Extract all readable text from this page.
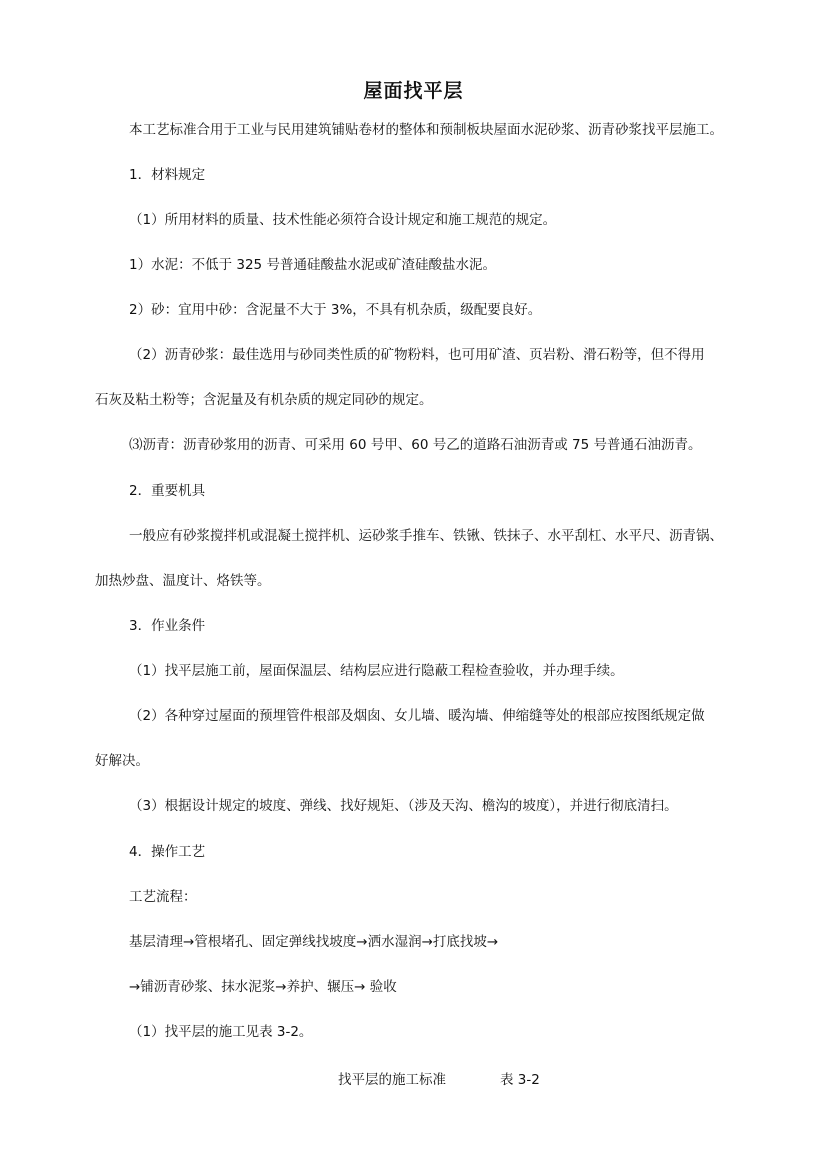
屋面找平层
本工艺标准合用于工业与民用建筑铺贴卷材的整体和预制板块屋面水泥砂浆、沥青砂浆找平层施工。
1．材料规定
（1）所用材料的质量、技术性能必须符合设计规定和施工规范的规定。
1）水泥：不低于 325 号普通硅酸盐水泥或矿渣硅酸盐水泥。
2）砂：宜用中砂：含泥量不大于 3%，不具有机杂质，级配要良好。
（2）沥青砂浆：最佳选用与砂同类性质的矿物粉料，也可用矿渣、页岩粉、滑石粉等，但不得用
石灰及粘土粉等；含泥量及有机杂质的规定同砂的规定。
⑶沥青：沥青砂浆用的沥青、可采用 60 号甲、60 号乙的道路石油沥青或 75 号普通石油沥青。
2．重要机具
一般应有砂浆搅拌机或混凝土搅拌机、运砂浆手推车、铁锹、铁抹子、水平刮杠、水平尺、沥青锅、
加热炒盘、温度计、烙铁等。
3．作业条件
（1）找平层施工前，屋面保温层、结构层应进行隐蔽工程检查验收，并办理手续。
（2）各种穿过屋面的预埋管件根部及烟囱、女儿墙、暖沟墙、伸缩缝等处的根部应按图纸规定做
好解决。
（3）根据设计规定的坡度、弹线、找好规矩、（涉及天沟、檐沟的坡度），并进行彻底清扫。
4．操作工艺
工艺流程：
基层清理→管根堵孔、固定弹线找坡度→洒水湿润→打底找坡→
→铺沥青砂浆、抹水泥浆→养护、辗压→ 验收
（1）找平层的施工见表 3-2。
找平层的施工标准	表 3-2
